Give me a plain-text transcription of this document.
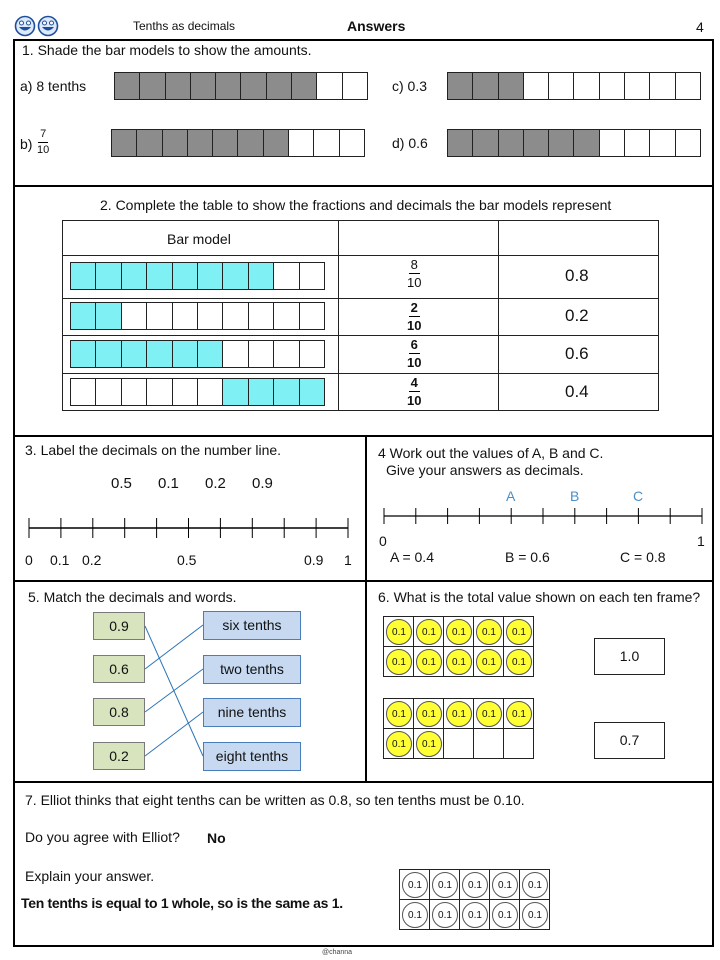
Tenths as decimals	Answers	4
1. Shade the bar models to show the amounts.
a) 8 tenths
$b) \frac{7}{10}$
c) 0.3
d) 0.6
2. Complete the table to show the fractions and decimals the bar models represent
Bar model
$\frac{8}{10}$	0.8
$\frac{2}{10}$	0.2
$\frac{6}{10}$	0.6
$\frac{4}{10}$	0.4
3. Label the decimals on the number line.
0.5 0.1 0.2 0.9
0 0.1 0.2	0.5	0.9 1
4 Work out the values of A, B and C.
Give your answers as decimals.
A	B	C
0	1
A = 0.4	B = 0.6	C = 0.8
5. Match the decimals and words.
0.9
0.6
0.8
0.2
six tenths
two tenths
nine tenths
eight tenths
6. What is the total value shown on each ten frame?
0.1	0.1	0.1	0.1	0.1
0.1	0.1	0.1	0.1	0.1	1.0
0.1	0.1	0.1	0.1	0.1
0.1	0.1	0.7
7. Elliot thinks that eight tenths can be written as 0.8, so ten tenths must be 0.10.
Do you agree with Elliot? No
Explain your answer.
Ten tenths is equal to 1 whole, so is the same as 1.
0.1	0.1	0.1	0.1	0.1
0.1	0.1	0.1	0.1	0.1
@channa
